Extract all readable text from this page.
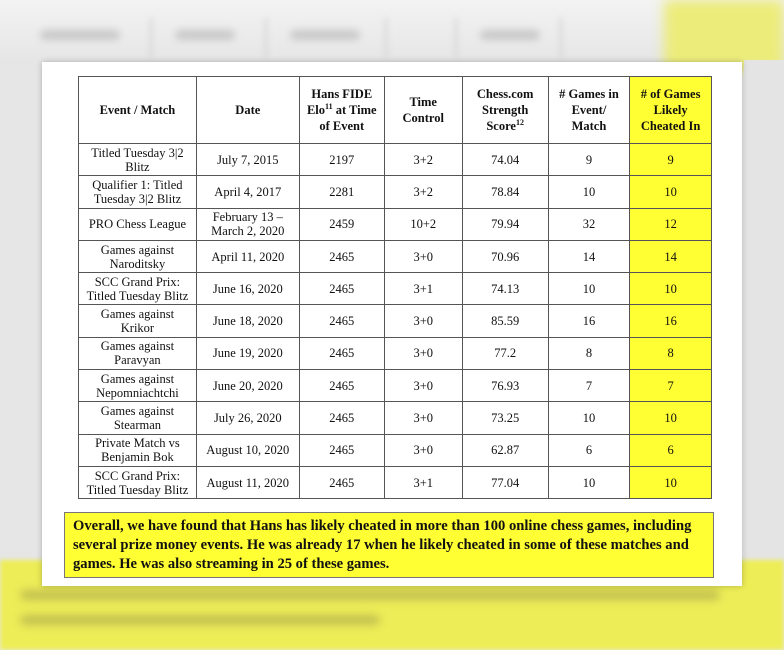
Event / Match	Date	Hans FIDE Elo$^{11}$ at Time of Event	Time Control	Chess.com Strength Score$^{12}$	# Games in Event/ Match	# of Games Likely Cheated In
Titled Tuesday 3|2 Blitz	July 7, 2015	2197	3+2	74.04	9	9
Qualifier 1: Titled Tuesday 3|2 Blitz	April 4, 2017	2281	3+2	78.84	10	10
PRO Chess League	February 13 – March 2, 2020	2459	10+2	79.94	32	12
Games against Naroditsky	April 11, 2020	2465	3+0	70.96	14	14
SCC Grand Prix: Titled Tuesday Blitz	June 16, 2020	2465	3+1	74.13	10	10
Games against Krikor	June 18, 2020	2465	3+0	85.59	16	16
Games against Paravyan	June 19, 2020	2465	3+0	77.2	8	8
Games against Nepomniachtchi	June 20, 2020	2465	3+0	76.93	7	7
Games against Stearman	July 26, 2020	2465	3+0	73.25	10	10
Private Match vs Benjamin Bok	August 10, 2020	2465	3+0	62.87	6	6
SCC Grand Prix: Titled Tuesday Blitz	August 11, 2020	2465	3+1	77.04	10	10
Overall, we have found that Hans has likely cheated in more than 100 online chess games, including several prize money events. He was already 17 when he likely cheated in some of these matches and games. He was also streaming in 25 of these games.
